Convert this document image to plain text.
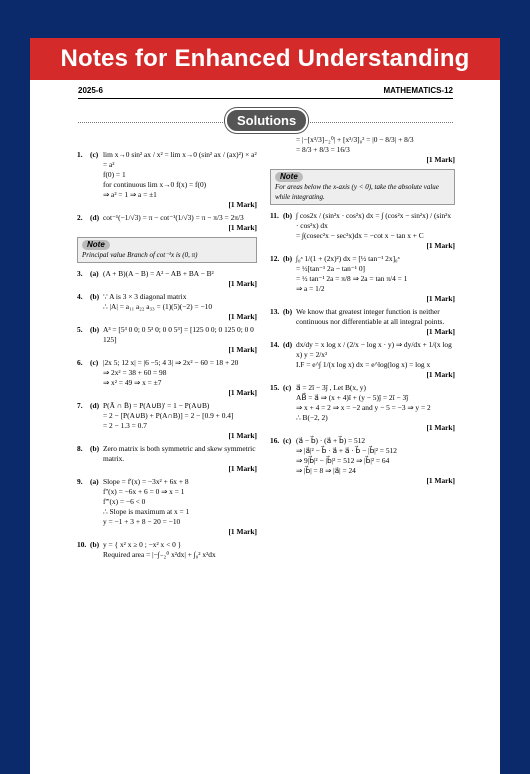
Notes for Enhanced Understanding
2025-6	MATHEMATICS-12
Solutions
1. (c) lim x→0 sin² ax / x² = lim x→0 (sin² ax / (ax)²) × a² = a²
f(0) = 1
for continuous lim x→0 f(x) = f(0)
⇒ a² = 1 ⇒ a = ±1
[1 Mark]
2. (d) cot⁻¹(−1/√3) = π − cot⁻¹(1/√3) = π − π/3 = 2π/3
[1 Mark]
Note
Principal value Branch of cot⁻¹x is (0, π)
3. (a) (A + B)(A − B) = A² − AB + BA − B²
[1 Mark]
4. (b) ∵ A is 3 × 3 diagonal matrix
∴ |A| = a₁₁ a₂₂ a₃₃ = (1)(5)(−2) = −10
[1 Mark]
5. (b) A³ = [5³ 0 0; 0 5³ 0; 0 0 5³] = [125 0 0; 0 125 0; 0 0 125]
[1 Mark]
6. (c) |2x 5; 12 x| = |6 −5; 4 3| ⇒ 2x² − 60 = 18 + 20
⇒ 2x² = 38 + 60 = 98
⇒ x² = 49 ⇒ x = ±7
[1 Mark]
7. (d) P(Ā ∩ B̄) = P(A∪B)' = 1 − P(A∪B)
= 2 − [P(A∪B) + P(A∩B)] = 2 − [0.9 + 0.4]
= 2 − 1.3 = 0.7
[1 Mark]
8. (b) Zero matrix is both symmetric and skew symmetric matrix.
[1 Mark]
9. (a) Slope = f'(x) = −3x² + 6x + 8
f''(x) = −6x + 6 = 0 ⇒ x = 1
f'''(x) = −6 < 0
∴ Slope is maximum at x = 1
y = −1 + 3 + 8 − 20 = −10
[1 Mark]
10. (b) y = { x² x ≥ 0 ; −x² x < 0 }
Required area = |−∫₋₂⁰ x²dx| + ∫₀² x²dx
= |−[x³/3]₋₂⁰| + [x³/3]₀² = |0 − 8/3| + 8/3
= 8/3 + 8/3 = 16/3
[1 Mark]
Note
For areas below the x-axis (y < 0), take the absolute value while integrating.
11. (b) ∫ cos2x / (sin²x · cos²x) dx = ∫ (cos²x − sin²x) / (sin²x · cos²x) dx
= ∫(cosec²x − sec²x)dx = −cot x − tan x + C
[1 Mark]
12. (b) ∫₀ᵃ 1/(1 + (2x)²) dx = [½ tan⁻¹ 2x]₀ᵃ
= ½[tan⁻¹ 2a − tan⁻¹ 0]
= ½ tan⁻¹ 2a = π/8 ⇒ 2a = tan π/4 = 1
⇒ a = 1/2
[1 Mark]
13. (b) We know that greatest integer function is neither continuous nor differentiable at all integral points.
[1 Mark]
14. (d) dx/dy = x log x / (2/x − log x · y) ⇒ dy/dx + 1/(x log x) y = 2/x²
I.F = e^∫ 1/(x log x) dx = e^log(log x) = log x
[1 Mark]
15. (c) a⃗ = 2î − 3ĵ , Let B(x, y)
AB⃗ = a⃗ ⇒ (x + 4)î + (y − 5)ĵ = 2î − 3ĵ
⇒ x + 4 = 2 ⇒ x = −2 and y − 5 = −3 ⇒ y = 2
∴ B(−2, 2)
[1 Mark]
16. (c) (a⃗ − b⃗) · (a⃗ + b⃗) = 512
⇒ |a⃗|² − b⃗ · a⃗ + a⃗ · b⃗ − |b⃗|² = 512
⇒ 9|b⃗|² − |b⃗|² = 512 ⇒ |b⃗|² = 64
⇒ |b⃗| = 8 ⇒ |a⃗| = 24
[1 Mark]
